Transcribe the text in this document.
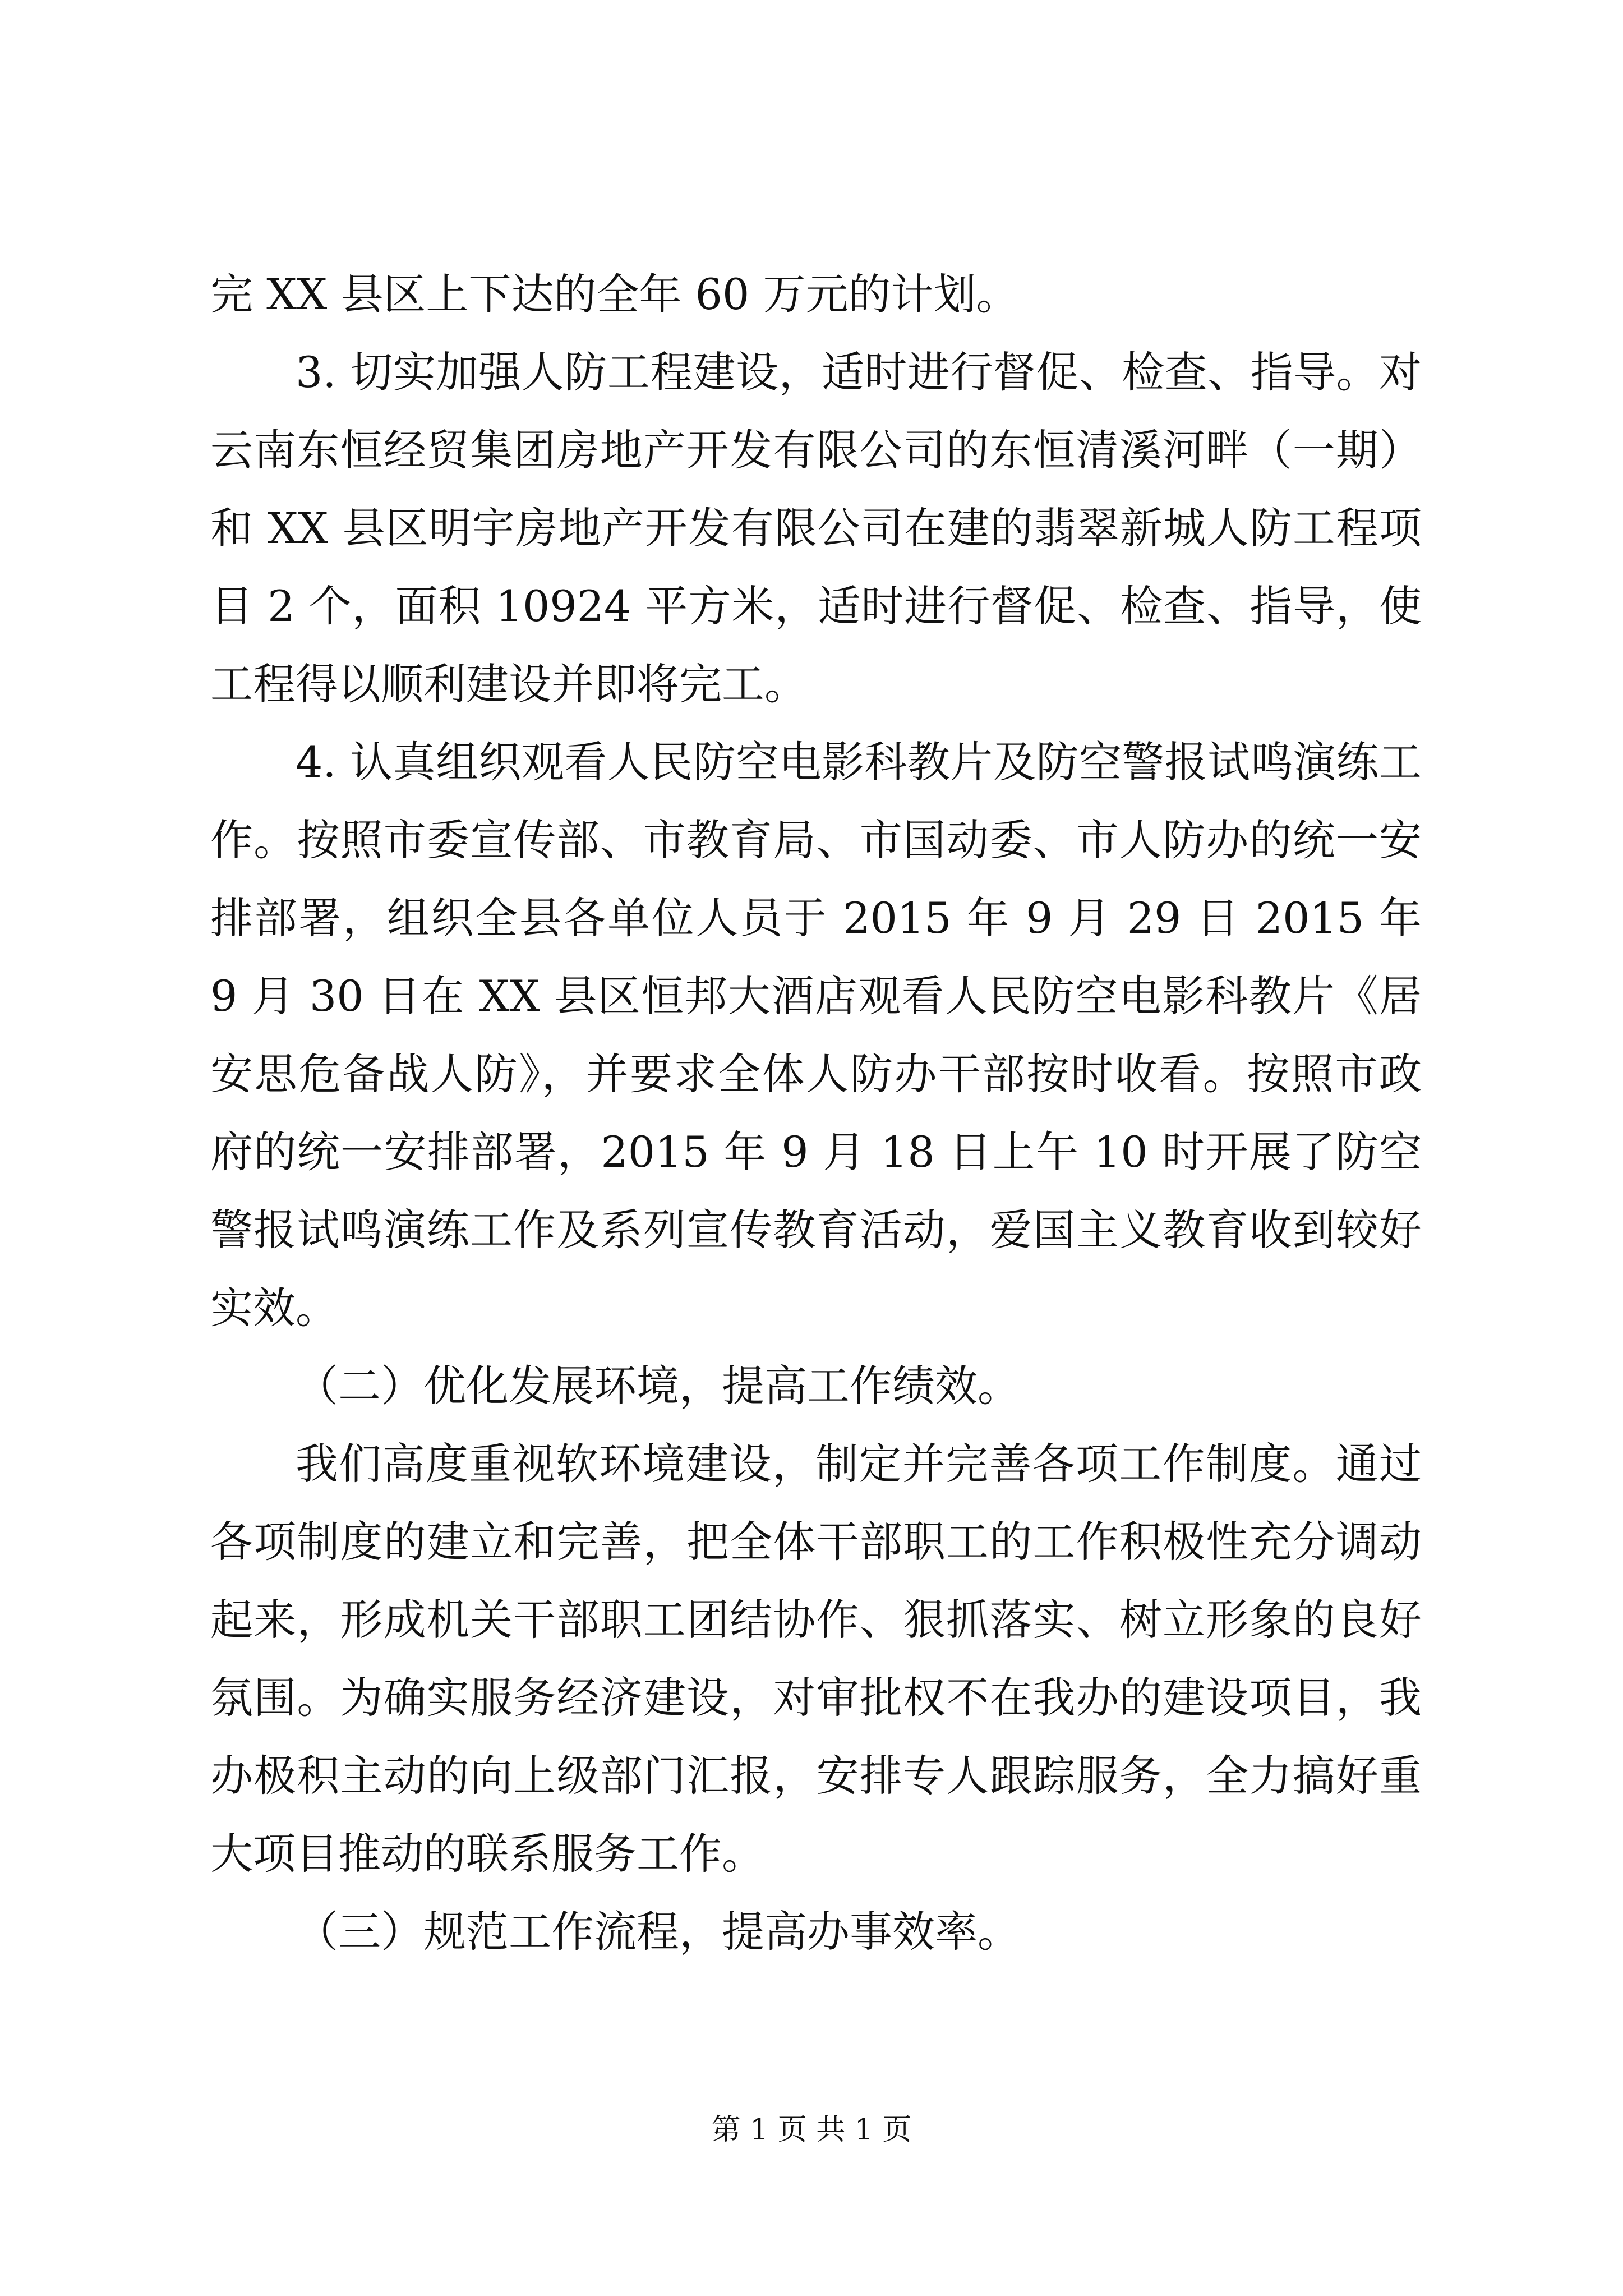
完 XX 县区上下达的全年 60 万元的计划。

3. 切实加强人防工程建设，适时进行督促、检查、指导。对云南东恒经贸集团房地产开发有限公司的东恒清溪河畔（一期）和 XX 县区明宇房地产开发有限公司在建的翡翠新城人防工程项目 2 个，面积 10924 平方米，适时进行督促、检查、指导，使工程得以顺利建设并即将完工。

4. 认真组织观看人民防空电影科教片及防空警报试鸣演练工作。按照市委宣传部、市教育局、市国动委、市人防办的统一安排部署，组织全县各单位人员于 2015 年 9 月 29 日 2015 年 9 月 30 日在 XX 县区恒邦大酒店观看人民防空电影科教片《居安思危备战人防》，并要求全体人防办干部按时收看。按照市政府的统一安排部署，2015 年 9 月 18 日上午 10 时开展了防空警报试鸣演练工作及系列宣传教育活动，爱国主义教育收到较好实效。

（二）优化发展环境，提高工作绩效。

我们高度重视软环境建设，制定并完善各项工作制度。通过各项制度的建立和完善，把全体干部职工的工作积极性充分调动起来，形成机关干部职工团结协作、狠抓落实、树立形象的良好氛围。为确实服务经济建设，对审批权不在我办的建设项目，我办极积主动的向上级部门汇报，安排专人跟踪服务，全力搞好重大项目推动的联系服务工作。

（三）规范工作流程，提高办事效率。

第 1 页 共 1 页
